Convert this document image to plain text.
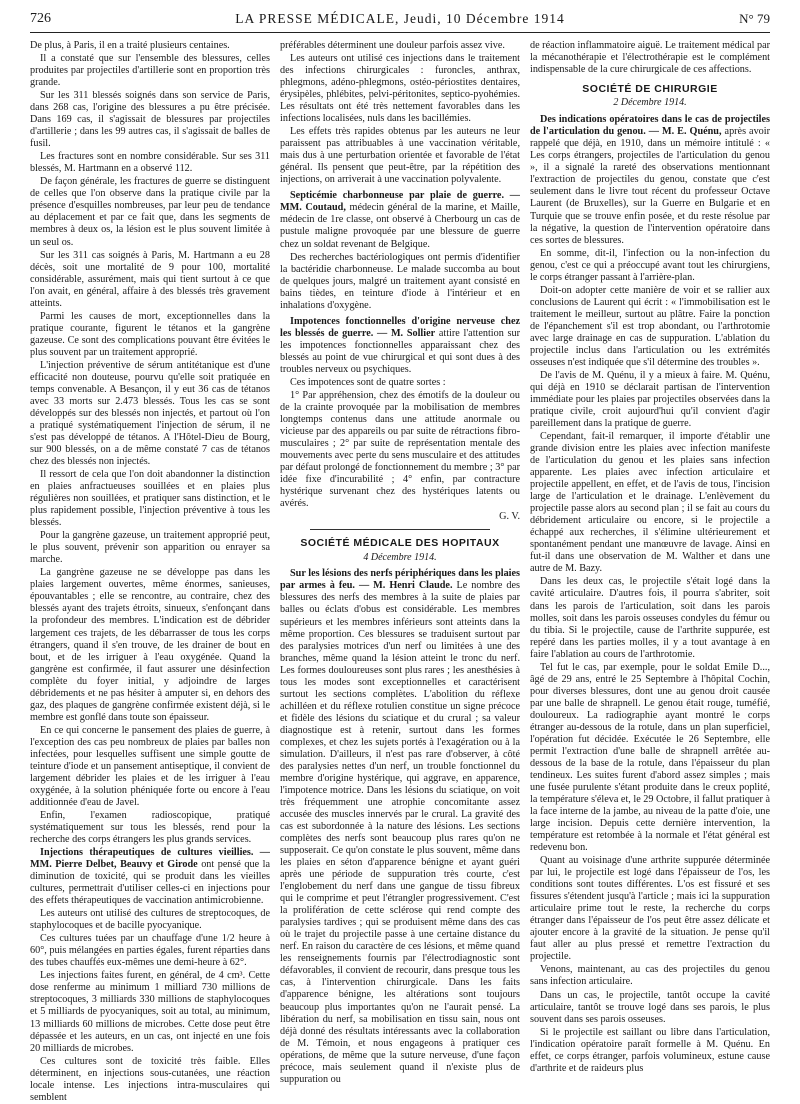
726	LA PRESSE MÉDICALE, Jeudi, 10 Décembre 1914	N° 79

De plus, à Paris, il en a traité plusieurs centaines.

Il a constaté que sur l'ensemble des blessures, celles produites par projectiles d'artillerie sont en proportion très grande.

Sur les 311 blessés soignés dans son service de Paris, dans 268 cas, l'origine des blessures a pu être précisée. Dans 169 cas, il s'agissait de blessures par projectiles d'artillerie ; dans les 99 autres cas, il s'agissait de balles de fusil.

Les fractures sont en nombre considérable. Sur ses 311 blessés, M. Hartmann en a observé 112.

De façon générale, les fractures de guerre se distinguent de celles que l'on observe dans la pratique civile par la présence d'esquilles nombreuses, par leur peu de tendance au déplacement et par ce fait que, dans les segments de membres à deux os, la lésion est le plus souvent limitée à un seul os.

Sur les 311 cas soignés à Paris, M. Hartmann a eu 28 décès, soit une mortalité de 9 pour 100, mortalité considérable, assurément, mais qui tient surtout à ce que l'on avait, en général, affaire à des blessés très gravement atteints.

Parmi les causes de mort, exceptionnelles dans la pratique courante, figurent le tétanos et la gangrène gazeuse. Ce sont des complications pouvant être évitées le plus souvent par un traitement approprié.

L'injection préventive de sérum antitétanique est d'une efficacité non douteuse, pourvu qu'elle soit pratiquée en temps convenable. A Besançon, il y eut 36 cas de tétanos avec 33 morts sur 2.473 blessés. Tous les cas se sont développés sur des blessés non injectés, et partout où l'on a pratiqué systématiquement l'injection de sérum, il ne s'est pas développé de tétanos. A l'Hôtel-Dieu de Bourg, sur 900 blessés, on a de même constaté 7 cas de tétanos chez des blessés non injectés.

Il ressort de cela que l'on doit abandonner la distinction en plaies anfractueuses souillées et en plaies plus régulières non souillées, et pratiquer sans distinction, et le plus rapidement possible, l'injection préventive à tous les blessés.

Pour la gangrène gazeuse, un traitement approprié peut, le plus souvent, prévenir son apparition ou enrayer sa marche.

La gangrène gazeuse ne se développe pas dans les plaies largement ouvertes, même énormes, sanieuses, épouvantables ; elle se rencontre, au contraire, chez des blessés ayant des trajets étroits, sinueux, s'enfonçant dans la profondeur des membres. L'indication est de débrider largement ces trajets, de les débarrasser de tous les corps étrangers, quand il s'en trouve, de les drainer de bout en bout, et de les irriguer à l'eau oxygénée. Quand la gangrène est confirmée, il faut assurer une désinfection complète du foyer initial, y adjoindre de larges débridements et ne pas hésiter à amputer si, en dehors des gaz, des plaques de gangrène confirmée existent déjà, si le membre est gonflé dans toute son épaisseur.

En ce qui concerne le pansement des plaies de guerre, à l'exception des cas peu nombreux de plaies par balles non infectées, pour lesquelles suffisent une simple goutte de teinture d'iode et un pansement antiseptique, il convient de largement débrider les plaies et de les irriguer à l'eau oxygénée, à la solution phéniquée forte ou encore à l'eau additionnée d'eau de Javel.

Enfin, l'examen radioscopique, pratiqué systématiquement sur tous les blessés, rend pour la recherche des corps étrangers les plus grands services.

Injections thérapeutiques de cultures vieillies. — MM. Pierre Delbet, Beauvy et Girode ont pensé que la diminution de toxicité, qui se produit dans les vieilles cultures, permettrait d'utiliser celles-ci en injections pour des effets thérapeutiques de vaccination antimicrobienne.

Les auteurs ont utilisé des cultures de streptocoques, de staphylocoques et de bacille pyocyanique.

Ces cultures tuées par un chauffage d'une 1/2 heure à 60°, puis mélangées en parties égales, furent réparties dans des tubes chauffés eux-mêmes une demi-heure à 62°.

Les injections faites furent, en général, de 4 cm³. Cette dose renferme au minimum 1 milliard 730 millions de streptocoques, 3 milliards 330 millions de staphylocoques et 5 milliards de pyocyaniques, soit au total, au minimum, 13 milliards 60 millions de microbes. Cette dose peut être dépassée et les auteurs, en un cas, ont injecté en une fois 20 milliards de microbes.

Ces cultures sont de toxicité très faible. Elles déterminent, en injections sous-cutanées, une réaction locale intense. Les injections intra-musculaires qui semblent

préférables déterminent une douleur parfois assez vive.

Les auteurs ont utilisé ces injections dans le traitement des infections chirurgicales : furoncles, anthrax, phlegmons, adéno-phlegmons, ostéo-périostites dentaires, érysipèles, phlébites, pelvi-péritonites, septico-pyohémies. Les résultats ont été très nettement favorables dans les infections localisées, nuls dans les bacillémies.

Les effets très rapides obtenus par les auteurs ne leur paraissent pas attribuables à une vaccination véritable, mais dus à une perturbation orientée et favorable de l'état général. Ils pensent que peut-être, par la répétition des injections, on arriverait à une vaccination polyvalente.

Septicémie charbonneuse par plaie de guerre. — MM. Coutaud, médecin général de la marine, et Maille, médecin de 1re classe, ont observé à Cherbourg un cas de pustule maligne provoquée par une blessure de guerre chez un soldat revenant de Belgique.

Des recherches bactériologiques ont permis d'identifier la bactéridie charbonneuse. Le malade succomba au bout de quelques jours, malgré un traitement ayant consisté en bains tièdes, en teinture d'iode à l'intérieur et en inhalations d'oxygène.

Impotences fonctionnelles d'origine nerveuse chez les blessés de guerre. — M. Sollier attire l'attention sur les impotences fonctionnelles apparaissant chez des blessés au point de vue chirurgical et qui sont dues à des troubles nerveux ou psychiques.

Ces impotences sont de quatre sortes :

1° Par appréhension, chez des émotifs de la douleur ou de la crainte provoquée par la mobilisation de membres longtemps contenus dans une attitude anormale ou vicieuse par des appareils ou par suite de rétractions fibro-musculaires ; 2° par suite de représentation mentale des mouvements avec perte du sens musculaire et des attitudes par défaut prolongé de fonctionnement du membre ; 3° par idée fixe d'incurabilité ; 4° enfin, par contracture hystérique survenant chez des hystériques latents ou avérés.

G. V.
SOCIÉTÉ MÉDICALE DES HOPITAUX
4 Décembre 1914.

Sur les lésions des nerfs périphériques dans les plaies par armes à feu. — M. Henri Claude. Le nombre des blessures des nerfs des membres à la suite de plaies par balles ou éclats d'obus est considérable. Les membres supérieurs et les membres inférieurs sont atteints dans la même proportion. Ces blessures se traduisent surtout par des paralysies motrices d'un nerf ou limitées à une des branches, même quand la lésion atteint le tronc du nerf. Les formes douloureuses sont plus rares ; les anesthésies à tous les modes sont exceptionnelles et caractérisent surtout les sections complètes. L'abolition du réflexe achilléen et du réflexe rotulien constitue un signe précoce et fidèle des lésions du sciatique et du crural ; sa valeur diagnostique est à retenir, surtout dans les formes complexes, et chez les sujets portés à l'exagération ou à la simulation. D'ailleurs, il n'est pas rare d'observer, à côté des paralysies nettes d'un nerf, un trouble fonctionnel du membre d'origine hystérique, qui aggrave, en apparence, l'impotence motrice. Dans les lésions du sciatique, on voit très fréquemment une atrophie concomitante assez accusée des muscles innervés par le crural. La gravité des cas est subordonnée à la nature des lésions. Les sections complètes des nerfs sont beaucoup plus rares qu'on ne supposerait. Ce qu'on constate le plus souvent, même dans les plaies en séton d'apparence bénigne et ayant guéri après une période de suppuration très courte, c'est l'englobement du nerf dans une gangue de tissu fibreux qui le comprime et peut l'étrangler progressivement. C'est la prolifération de cette sclérose qui rend compte des paralysies tardives ; qui se produisent même dans des cas où le trajet du projectile passe à une certaine distance du nerf. En raison du caractère de ces lésions, et même quand les renseignements fournis par l'électrodiagnostic sont défavorables, il convient de recourir, dans presque tous les cas, à l'intervention chirurgicale. Dans les faits d'apparence bénigne, les altérations sont toujours beaucoup plus importantes qu'on ne l'aurait pensé. La libération du nerf, sa mobilisation en tissu sain, nous ont déjà donné des résultats intéressants avec la collaboration de M. Témoin, et nous engageons à pratiquer ces opérations, de même que la suture nerveuse, d'une façon précoce, mais seulement quand il n'existe plus de suppuration ou

de réaction inflammatoire aiguë. Le traitement médical par la mécanothérapie et l'électrothérapie est le complément indispensable de la cure chirurgicale de ces affections.

SOCIÉTÉ DE CHIRURGIE
2 Décembre 1914.

Des indications opératoires dans le cas de projectiles de l'articulation du genou. — M. E. Quénu, après avoir rappelé que déjà, en 1910, dans un mémoire intitulé : « Les corps étrangers, projectiles de l'articulation du genou », il a signalé la rareté des observations mentionnant l'extraction de projectiles du genou, constate que c'est seulement dans le livre tout récent du professeur Octave Laurent (de Bruxelles), sur la Guerre en Bulgarie et en Turquie que se trouve enfin posée, et du reste résolue par la négative, la question de l'intervention opératoire dans ces sortes de blessures.

En somme, dit-il, l'infection ou la non-infection du genou, c'est ce qui a préoccupé avant tout les chirurgiens, le corps étranger passant à l'arrière-plan.

Doit-on adopter cette manière de voir et se rallier aux conclusions de Laurent qui écrit : « l'immobilisation est le traitement le meilleur, surtout au plâtre. Faire la ponction de l'épanchement s'il est trop abondant, ou l'arthrotomie avec large drainage en cas de suppuration. L'ablation du projectile inclus dans l'articulation ou les extrémités osseuses n'est indiquée que s'il détermine des troubles ».

De l'avis de M. Quénu, il y a mieux à faire. M. Quénu, qui déjà en 1910 se déclarait partisan de l'intervention immédiate pour les plaies par projectiles observées dans la pratique civile, croit aujourd'hui qu'il convient d'agir pareillement dans la pratique de guerre.

Cependant, fait-il remarquer, il importe d'établir une grande division entre les plaies avec infection manifeste de l'articulation du genou et les plaies sans infection apparente. Les plaies avec infection articulaire et projectile appellent, en effet, et de l'avis de tous, l'incision large de l'articulation et le drainage. L'enlèvement du projectile passe alors au second plan ; il se fait au cours du débridement articulaire ou encore, si le projectile a échappé aux recherches, il s'élimine ultérieurement et spontanément pendant une manœuvre de lavage. Ainsi en fut-il dans une observation de M. Walther et dans une autre de M. Bazy.

Dans les deux cas, le projectile s'était logé dans la cavité articulaire. D'autres fois, il pourra s'abriter, soit dans les parois de l'articulation, soit dans les parois molles, soit dans les parois osseuses condyles du fémur ou du tibia. Si le projectile, cause de l'arthrite suppurée, est repéré dans les parties molles, il y a tout avantage à en faire l'ablation au cours de l'arthrotomie.

Tel fut le cas, par exemple, pour le soldat Emile D..., âgé de 29 ans, entré le 25 Septembre à l'hôpital Cochin, pour diverses blessures, dont une au genou droit causée par une balle de shrapnell. Le genou était rouge, tuméfié, douloureux. La radiographie ayant montré le corps étranger au-dessous de la rotule, dans un plan superficiel, l'opération fut décidée. Exécutée le 26 Septembre, elle permit l'extraction d'une balle de shrapnell arrêtée au-dessous de la base de la rotule, dans l'épaisseur du plan tendineux. Les suites furent d'abord assez simples ; mais une fusée purulente s'étant produite dans le creux poplité, la température s'éleva et, le 29 Octobre, il fallut pratiquer à la face interne de la jambe, au niveau de la patte d'oie, une large incision. Depuis cette dernière intervention, la température est retombée à la normale et l'état général est redevenu bon.

Quant au voisinage d'une arthrite suppurée déterminée par lui, le projectile est logé dans l'épaisseur de l'os, les conditions sont toutes différentes. L'os est fissuré et ses fissures s'étendent jusqu'à l'article ; mais ici la suppuration articulaire prime tout le reste, la recherche du corps étranger dans l'épaisseur de l'os peut être assez délicate et ajouter encore à la gravité de la situation. Je pense qu'il faut aller au plus pressé et remettre l'extraction du projectile.

Venons, maintenant, au cas des projectiles du genou sans infection articulaire.

Dans un cas, le projectile, tantôt occupe la cavité articulaire, tantôt se trouve logé dans ses parois, le plus souvent dans ses parois osseuses.

Si le projectile est saillant ou libre dans l'articulation, l'indication opératoire paraît formelle à M. Quénu. En effet, ce corps étranger, parfois volumineux, estune cause d'arthrite et de raideurs plus
